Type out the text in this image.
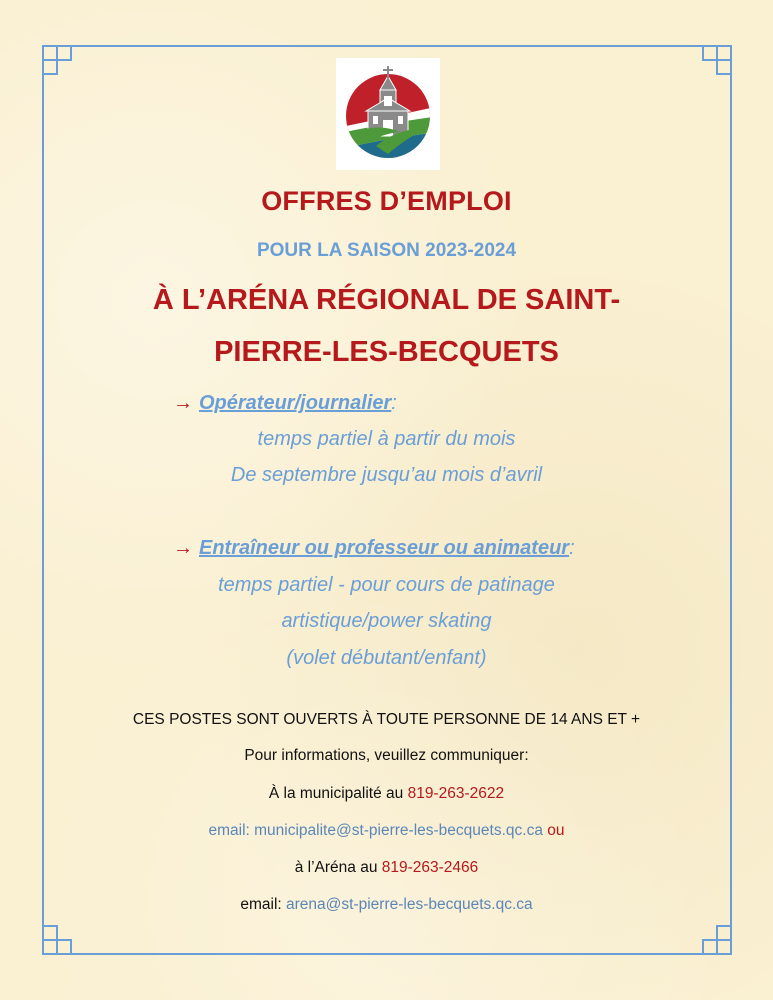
OFFRES D’EMPLOI
POUR LA SAISON 2023-2024
À L’ARÉNA RÉGIONAL DE SAINT-
PIERRE-LES-BECQUETS
→ Opérateur/journalier:
temps partiel à partir du mois
De septembre jusqu’au mois d’avril
→ Entraîneur ou professeur ou animateur:
temps partiel - pour cours de patinage
artistique/power skating
(volet débutant/enfant)
CES POSTES SONT OUVERTS À TOUTE PERSONNE DE 14 ANS ET +
Pour informations, veuillez communiquer:
À la municipalité au 819-263-2622
email: municipalite@st-pierre-les-becquets.qc.ca ou
à l’Aréna au 819-263-2466
email: arena@st-pierre-les-becquets.qc.ca
